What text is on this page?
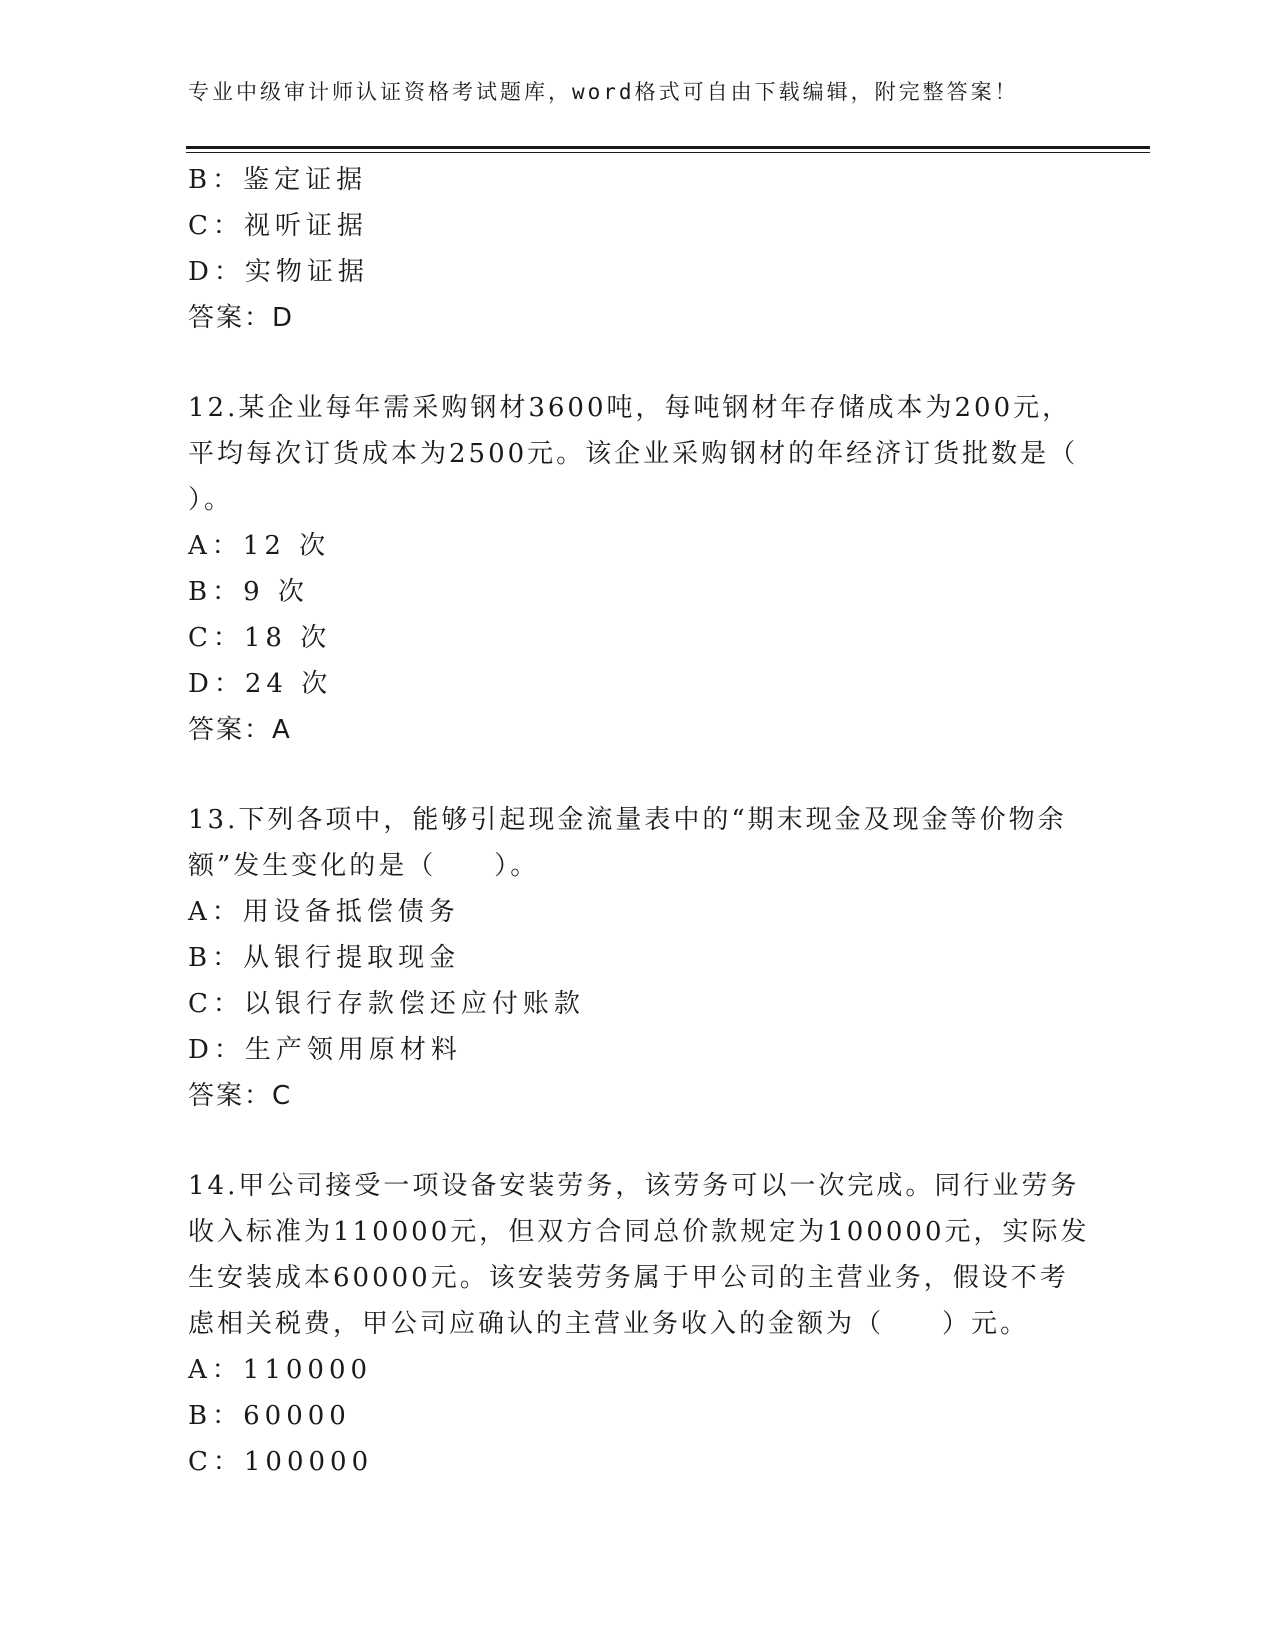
专业中级审计师认证资格考试题库，word格式可自由下载编辑，附完整答案！
B：鉴定证据
C：视听证据
D：实物证据
答案：D
12.某企业每年需采购钢材3600吨，每吨钢材年存储成本为200元，
平均每次订货成本为2500元。该企业采购钢材的年经济订货批数是（
）。
A：12 次
B：9 次
C：18 次
D：24 次
答案：A
13.下列各项中，能够引起现金流量表中的“期末现金及现金等价物余
额”发生变化的是（　　）。
A：用设备抵偿债务
B：从银行提取现金
C：以银行存款偿还应付账款
D：生产领用原材料
答案：C
14.甲公司接受一项设备安装劳务，该劳务可以一次完成。同行业劳务
收入标准为110000元，但双方合同总价款规定为100000元，实际发
生安装成本60000元。该安装劳务属于甲公司的主营业务，假设不考
虑相关税费，甲公司应确认的主营业务收入的金额为（　　）元。
A：110000
B：60000
C：100000
